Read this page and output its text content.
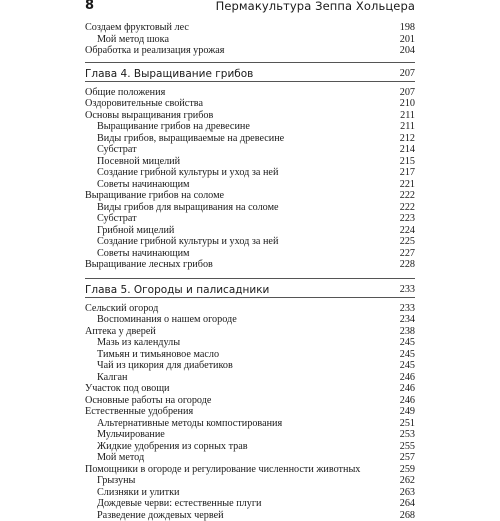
8	Пермакультура Зеппа Хольцера
Создаем фруктовый лес	198
Мой метод шока	201
Обработка и реализация урожая	204
Глава 4. Выращивание грибов	207
Общие положения	207
Оздоровительные свойства	210
Основы выращивания грибов	211
Выращивание грибов на древесине	211
Виды грибов, выращиваемые на древесине	212
Субстрат	214
Посевной мицелий	215
Создание грибной культуры и уход за ней	217
Советы начинающим	221
Выращивание грибов на соломе	222
Виды грибов для выращивания на соломе	222
Субстрат	223
Грибной мицелий	224
Создание грибной культуры и уход за ней	225
Советы начинающим	227
Выращивание лесных грибов	228
Глава 5. Огороды и палисадники	233
Сельский огород	233
Воспоминания о нашем огороде	234
Аптека у дверей	238
Мазь из календулы	245
Тимьян и тимьяновое масло	245
Чай из цикория для диабетиков	245
Калган	246
Участок под овощи	246
Основные работы на огороде	246
Естественные удобрения	249
Альтернативные методы компостирования	251
Мульчирование	253
Жидкие удобрения из сорных трав	255
Мой метод	257
Помощники в огороде и регулирование численности животных	259
Грызуны	262
Слизняки и улитки	263
Дождевые черви: естественные плуги	264
Разведение дождевых червей	268
